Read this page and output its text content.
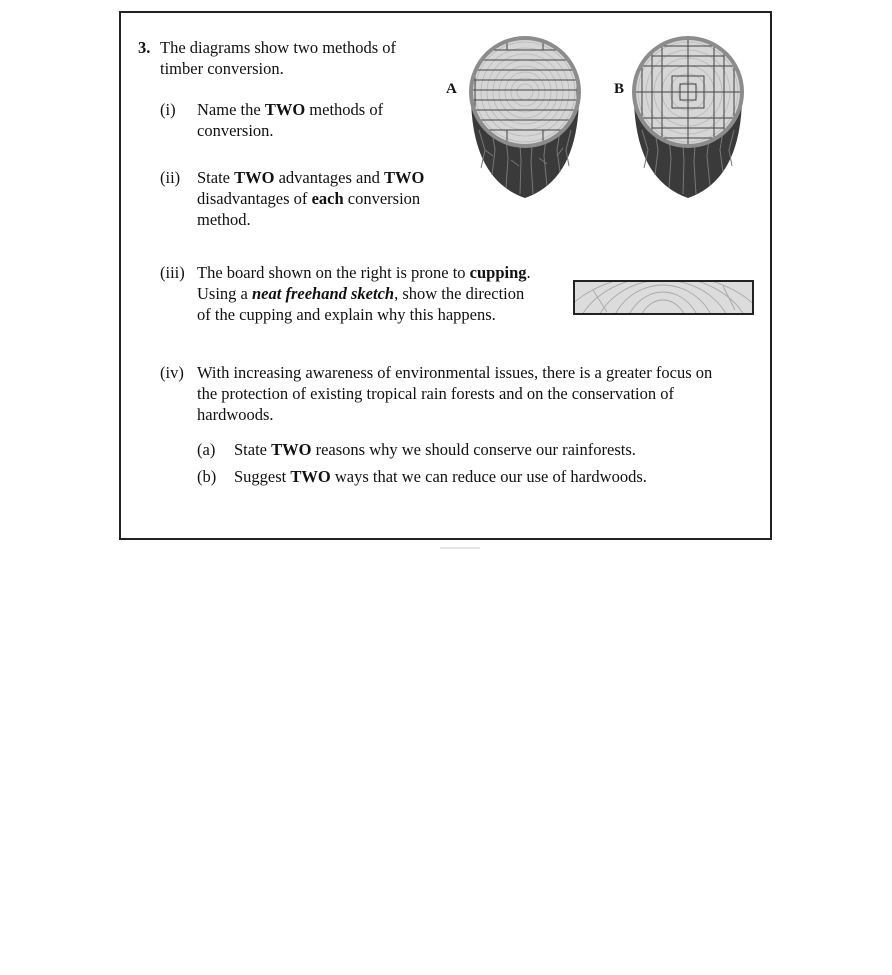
3. The diagrams show two methods of
timber conversion.
(i) Name the TWO methods of
conversion.
(ii) State TWO advantages and TWO
disadvantages of each conversion
method.
(iii) The board shown on the right is prone to cupping.
Using a neat freehand sketch, show the direction
of the cupping and explain why this happens.
(iv) With increasing awareness of environmental issues, there is a greater focus on
the protection of existing tropical rain forests and on the conservation of
hardwoods.
(a) State TWO reasons why we should conserve our rainforests.
(b) Suggest TWO ways that we can reduce our use of hardwoods.
A	B
